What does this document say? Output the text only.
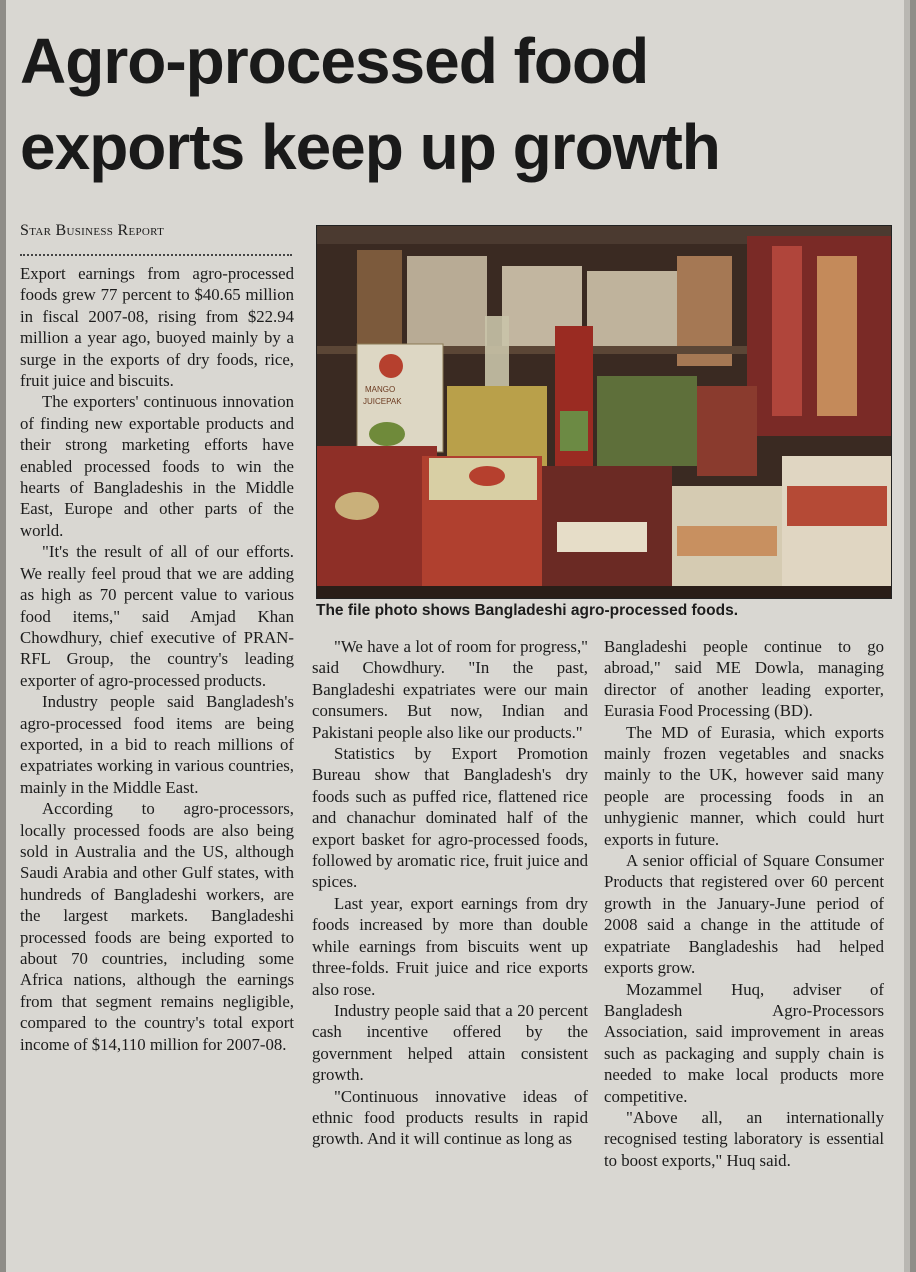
Agro-processed food
exports keep up growth
Star Business Report

Export earnings from agro-processed foods grew 77 percent to $40.65 million in fiscal 2007-08, rising from $22.94 million a year ago, buoyed mainly by a surge in the exports of dry foods, rice, fruit juice and biscuits.

The exporters' continuous innovation of finding new exportable products and their strong marketing efforts have enabled processed foods to win the hearts of Bangladeshis in the Middle East, Europe and other parts of the world.

"It's the result of all of our efforts. We really feel proud that we are adding as high as 70 percent value to various food items," said Amjad Khan Chowdhury, chief executive of PRAN-RFL Group, the country's leading exporter of agro-processed products.

Industry people said Bangladesh's agro-processed food items are being exported, in a bid to reach millions of expatriates working in various countries, mainly in the Middle East.

According to agro-processors, locally processed foods are also being sold in Australia and the US, although Saudi Arabia and other Gulf states, with hundreds of Bangladeshi workers, are the largest markets. Bangladeshi processed foods are being exported to about 70 countries, including some Africa nations, although the earnings from that segment remains negligible, compared to the country's total export income of $14,110 million for 2007-08.

MANGO
JUICEPAK
The file photo shows Bangladeshi agro-processed foods.

"We have a lot of room for progress," said Chowdhury. "In the past, Bangladeshi expatriates were our main consumers. But now, Indian and Pakistani people also like our products."

Statistics by Export Promotion Bureau show that Bangladesh's dry foods such as puffed rice, flattened rice and chanachur dominated half of the export basket for agro-processed foods, followed by aromatic rice, fruit juice and spices.

Last year, export earnings from dry foods increased by more than double while earnings from biscuits went up three-folds. Fruit juice and rice exports also rose.

Industry people said that a 20 percent cash incentive offered by the government helped attain consistent growth.

"Continuous innovative ideas of ethnic food products results in rapid growth. And it will continue as long as

Bangladeshi people continue to go abroad," said ME Dowla, managing director of another leading exporter, Eurasia Food Processing (BD).

The MD of Eurasia, which exports mainly frozen vegetables and snacks mainly to the UK, however said many people are processing foods in an unhygienic manner, which could hurt exports in future.

A senior official of Square Consumer Products that registered over 60 percent growth in the January-June period of 2008 said a change in the attitude of expatriate Bangladeshis had helped exports grow.

Mozammel Huq, adviser of Bangladesh Agro-Processors Association, said improvement in areas such as packaging and supply chain is needed to make local products more competitive.

"Above all, an internationally recognised testing laboratory is essential to boost exports," Huq said.
